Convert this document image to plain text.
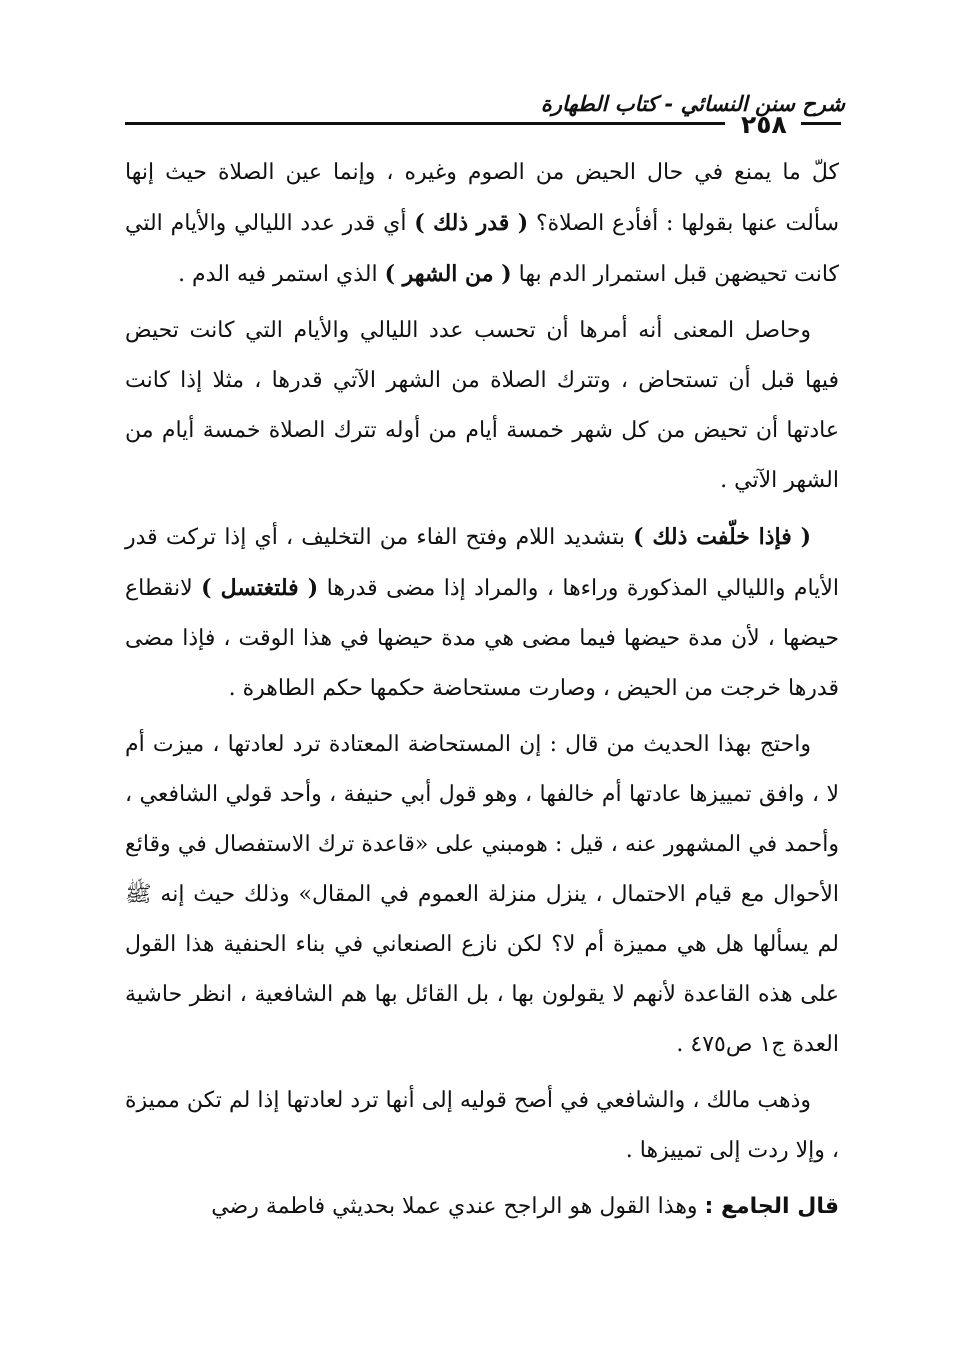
شرح سنن النسائي - كتاب الطهارة
٢٥٨

كلّ ما يمنع في حال الحيض من الصوم وغيره ، وإنما عين الصلاة حيث إنها سألت عنها بقولها : أفأدع الصلاة؟ ( قدر ذلك ) أي قدر عدد الليالي والأيام التي كانت تحيضهن قبل استمرار الدم بها ( من الشهر ) الذي استمر فيه الدم .

وحاصل المعنى أنه أمرها أن تحسب عدد الليالي والأيام التي كانت تحيض فيها قبل أن تستحاض ، وتترك الصلاة من الشهر الآتي قدرها ، مثلا إذا كانت عادتها أن تحيض من كل شهر خمسة أيام من أوله تترك الصلاة خمسة أيام من الشهر الآتي .

( فإذا خلّفت ذلك ) بتشديد اللام وفتح الفاء من التخليف ، أي إذا تركت قدر الأيام والليالي المذكورة وراءها ، والمراد إذا مضى قدرها ( فلتغتسل ) لانقطاع حيضها ، لأن مدة حيضها فيما مضى هي مدة حيضها في هذا الوقت ، فإذا مضى قدرها خرجت من الحيض ، وصارت مستحاضة حكمها حكم الطاهرة .

واحتج بهذا الحديث من قال : إن المستحاضة المعتادة ترد لعادتها ، ميزت أم لا ، وافق تمييزها عادتها أم خالفها ، وهو قول أبي حنيفة ، وأحد قولي الشافعي ، وأحمد في المشهور عنه ، قيل : هومبني على «قاعدة ترك الاستفصال في وقائع الأحوال مع قيام الاحتمال ، ينزل منزلة العموم في المقال» وذلك حيث إنه ﷺ لم يسألها هل هي مميزة أم لا؟ لكن نازع الصنعاني في بناء الحنفية هذا القول على هذه القاعدة لأنهم لا يقولون بها ، بل القائل بها هم الشافعية ، انظر حاشية العدة ج١ ص٤٧٥ .

وذهب مالك ، والشافعي في أصح قوليه إلى أنها ترد لعادتها إذا لم تكن مميزة ، وإلا ردت إلى تمييزها .

قال الجامع : وهذا القول هو الراجح عندي عملا بحديثي فاطمة رضي
